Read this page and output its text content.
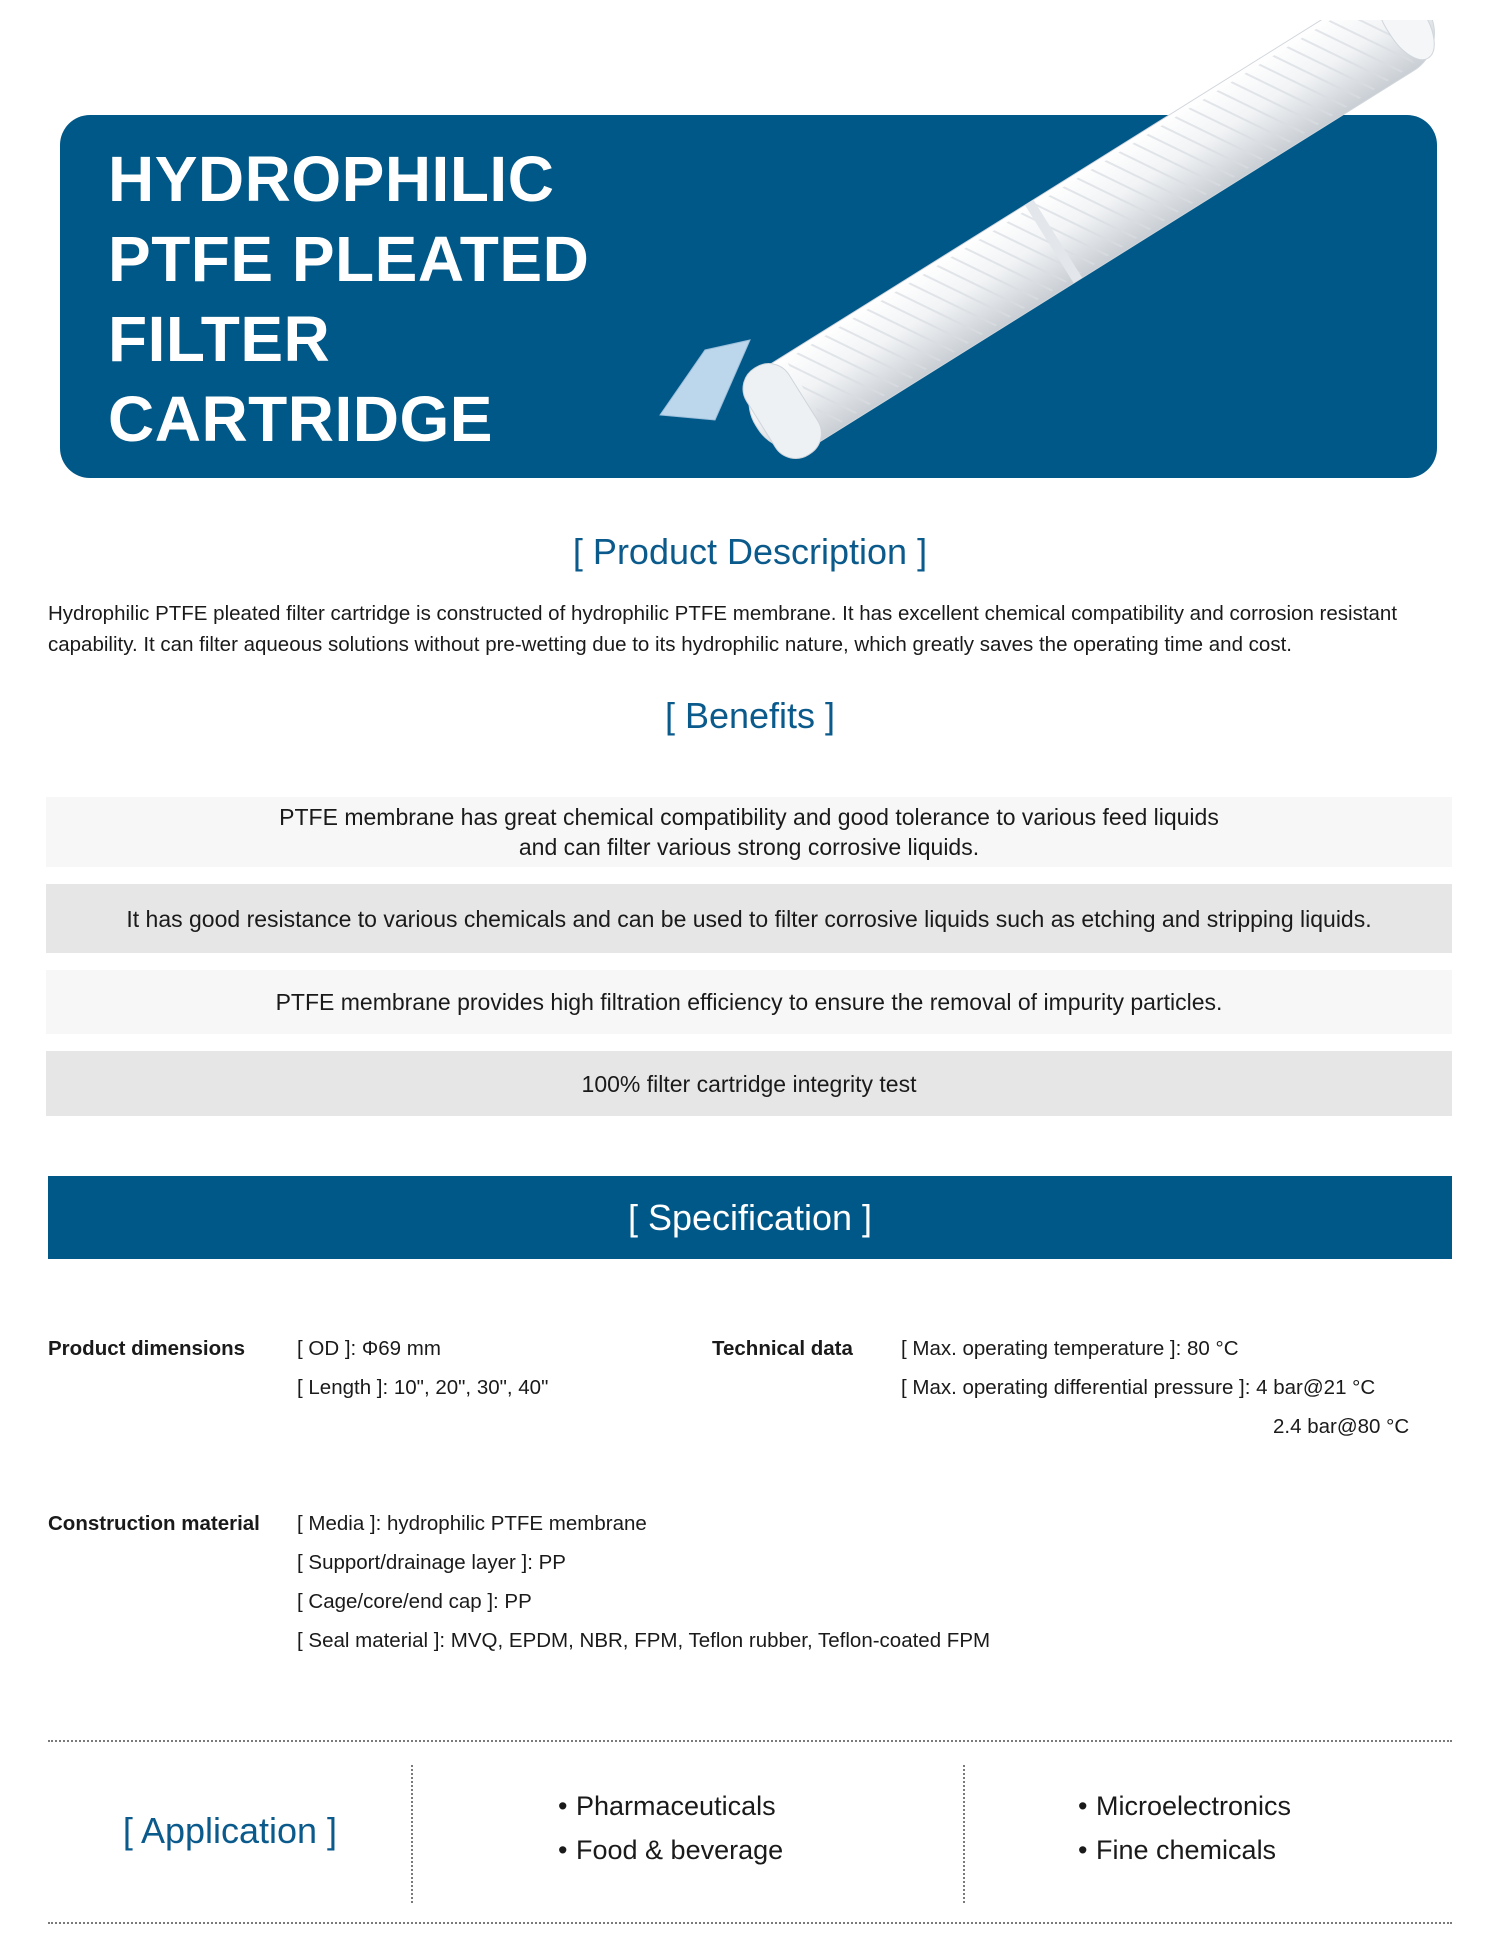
HYDROPHILIC
PTFE PLEATED
FILTER
CARTRIDGE
[ Product Description ]
Hydrophilic PTFE pleated filter cartridge is constructed of hydrophilic PTFE membrane. It has excellent chemical compatibility and corrosion resistant capability. It can filter aqueous solutions without pre-wetting due to its hydrophilic nature, which greatly saves the operating time and cost.
[ Benefits ]
PTFE membrane has great chemical compatibility and good tolerance to various feed liquids
and can filter various strong corrosive liquids.
It has good resistance to various chemicals and can be used to filter corrosive liquids such as etching and stripping liquids.
PTFE membrane provides high filtration efficiency to ensure the removal of impurity particles.
100% filter cartridge integrity test
[ Specification ]
Product dimensions	[ OD ]: Φ69 mm
[ Length ]: 10", 20", 30", 40"
Technical data [ Max. operating temperature ]: 80 °C
[ Max. operating differential pressure ]: 4 bar@21 °C
2.4 bar@80 °C
Construction material [ Media ]: hydrophilic PTFE membrane
[ Support/drainage layer ]: PP
[ Cage/core/end cap ]: PP
[ Seal material ]: MVQ, EPDM, NBR, FPM, Teflon rubber, Teflon-coated FPM
[ Application ]
• Pharmaceuticals
• Food & beverage
• Microelectronics
• Fine chemicals
